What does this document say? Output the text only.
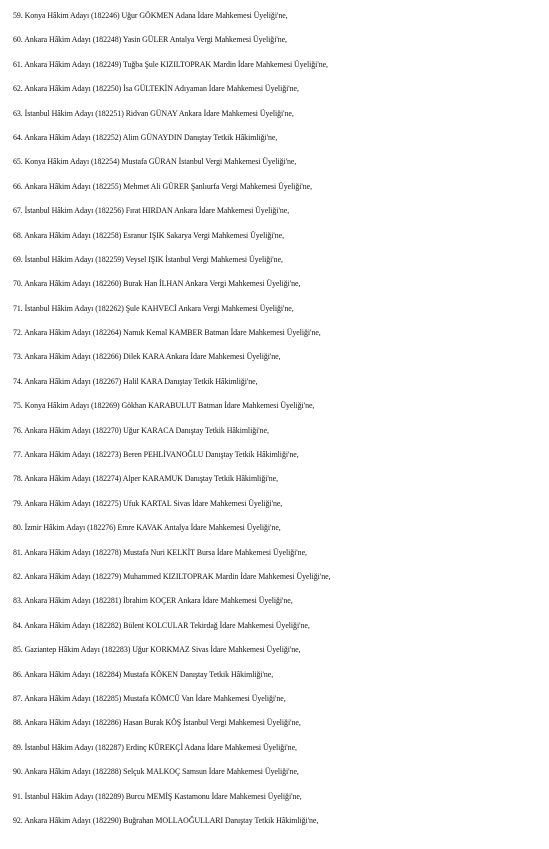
59. Konya Hâkim Adayı (182246) Uğur GÖKMEN Adana İdare Mahkemesi Üyeliği'ne,
60. Ankara Hâkim Adayı (182248) Yasin GÜLER Antalya Vergi Mahkemesi Üyeliği'ne,
61. Ankara Hâkim Adayı (182249) Tuğba Şule KIZILTOPRAK Mardin İdare Mahkemesi Üyeliği'ne,
62. Ankara Hâkim Adayı (182250) İsa GÜLTEKİN Adıyaman İdare Mahkemesi Üyeliği'ne,
63. İstanbul Hâkim Adayı (182251) Ridvan GÜNAY Ankara İdare Mahkemesi Üyeliği'ne,
64. Ankara Hâkim Adayı (182252) Alim GÜNAYDIN Danıştay Tetkik Hâkimliği'ne,
65. Konya Hâkim Adayı (182254) Mustafa GÜRAN İstanbul Vergi Mahkemesi Üyeliği'ne,
66. Ankara Hâkim Adayı (182255) Mehmet Ali GÜRER Şanlıurfa Vergi Mahkemesi Üyeliği'ne,
67. İstanbul Hâkim Adayı (182256) Fırat HIRDAN Ankara İdare Mahkemesi Üyeliği'ne,
68. Ankara Hâkim Adayı (182258) Esranur IŞIK Sakarya Vergi Mahkemesi Üyeliği'ne,
69. İstanbul Hâkim Adayı (182259) Veysel IŞIK İstanbul Vergi Mahkemesi Üyeliği'ne,
70. Ankara Hâkim Adayı (182260) Burak Han İLHAN Ankara Vergi Mahkemesi Üyeliği'ne,
71. İstanbul Hâkim Adayı (182262) Şule KAHVECİ Ankara Vergi Mahkemesi Üyeliği'ne,
72. Ankara Hâkim Adayı (182264) Namık Kemal KAMBER Batman İdare Mahkemesi Üyeliği'ne,
73. Ankara Hâkim Adayı (182266) Dilek KARA Ankara İdare Mahkemesi Üyeliği'ne,
74. Ankara Hâkim Adayı (182267) Halil KARA Danıştay Tetkik Hâkimliği'ne,
75. Konya Hâkim Adayı (182269) Gökhan KARABULUT Batman İdare Mahkemesi Üyeliği'ne,
76. Ankara Hâkim Adayı (182270) Uğur KARACA Danıştay Tetkik Hâkimliği'ne,
77. Ankara Hâkim Adayı (182273) Beren PEHLİVANOĞLU Danıştay Tetkik Hâkimliği'ne,
78. Ankara Hâkim Adayı (182274) Alper KARAMUK Danıştay Tetkik Hâkimliği'ne,
79. Ankara Hâkim Adayı (182275) Ufuk KARTAL Sivas İdare Mahkemesi Üyeliği'ne,
80. İzmir Hâkim Adayı (182276) Emre KAVAK Antalya İdare Mahkemesi Üyeliği'ne,
81. Ankara Hâkim Adayı (182278) Mustafa Nuri KELKİT Bursa İdare Mahkemesi Üyeliği'ne,
82. Ankara Hâkim Adayı (182279) Muhammed KIZILTOPRAK Mardin İdare Mahkemesi Üyeliği'ne,
83. Ankara Hâkim Adayı (182281) İbrahim KOÇER Ankara İdare Mahkemesi Üyeliği'ne,
84. Ankara Hâkim Adayı (182282) Bülent KOLCULAR Tekirdağ İdare Mahkemesi Üyeliği'ne,
85. Gaziantep Hâkim Adayı (182283) Uğur KORKMAZ Sivas İdare Mahkemesi Üyeliği'ne,
86. Ankara Hâkim Adayı (182284) Mustafa KÖKEN Danıştay Tetkik Hâkimliği'ne,
87. Ankara Hâkim Adayı (182285) Mustafa KÖMCÜ Van İdare Mahkemesi Üyeliği'ne,
88. Ankara Hâkim Adayı (182286) Hasan Burak KÖŞ İstanbul Vergi Mahkemesi Üyeliği'ne,
89. İstanbul Hâkim Adayı (182287) Erdinç KÜREKÇİ Adana İdare Mahkemesi Üyeliği'ne,
90. Ankara Hâkim Adayı (182288) Selçuk MALKOÇ Samsun İdare Mahkemesi Üyeliği'ne,
91. İstanbul Hâkim Adayı (182289) Burcu MEMİŞ Kastamonu İdare Mahkemesi Üyeliği'ne,
92. Ankara Hâkim Adayı (182290) Buğrahan MOLLAOĞULLARI Danıştay Tetkik Hâkimliği'ne,
